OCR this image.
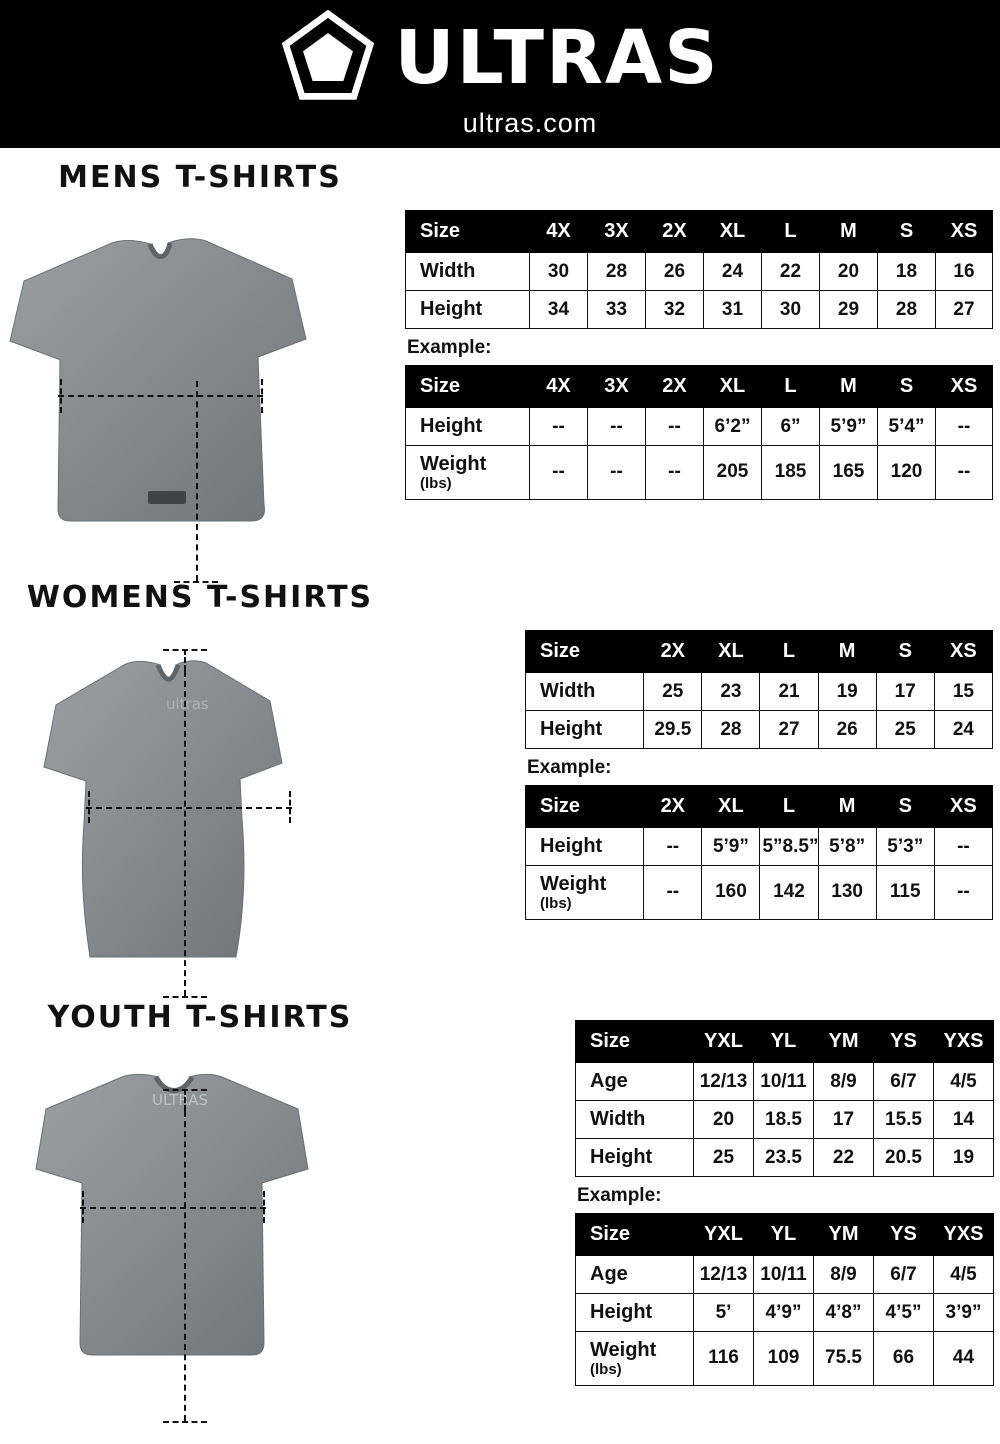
ULTRAS
ultras.com
MENS T-SHIRTS
Size	4X	3X	2X	XL	L	M	S	XS
Width	30	28	26	24	22	20	18	16
Height	34	33	32	31	30	29	28	27
Example:
Size	4X	3X	2X	XL	L	M	S	XS
Height	--	--	--	6’2”	6”	5’9”	5’4”	--
Weight
(lbs)	--	--	--	205	185	165	120	--
WOMENS T-SHIRTS
ultras
Size	2X	XL	L	M	S	XS
Width	25	23	21	19	17	15
Height	29.5	28	27	26	25	24
Example:
Size	2X	XL	L	M	S	XS
Height	--	5’9”	5”8.5”	5’8”	5’3”	--
Weight
(lbs)	--	160	142	130	115	--
YOUTH T-SHIRTS
ULTRAS
Size	YXL	YL	YM	YS	YXS
Age	12/13	10/11	8/9	6/7	4/5
Width	20	18.5	17	15.5	14
Height	25	23.5	22	20.5	19
Example:
Size	YXL	YL	YM	YS	YXS
Age	12/13	10/11	8/9	6/7	4/5
Height	5’	4’9”	4’8”	4’5”	3’9”
Weight
(lbs)	116	109	75.5	66	44
